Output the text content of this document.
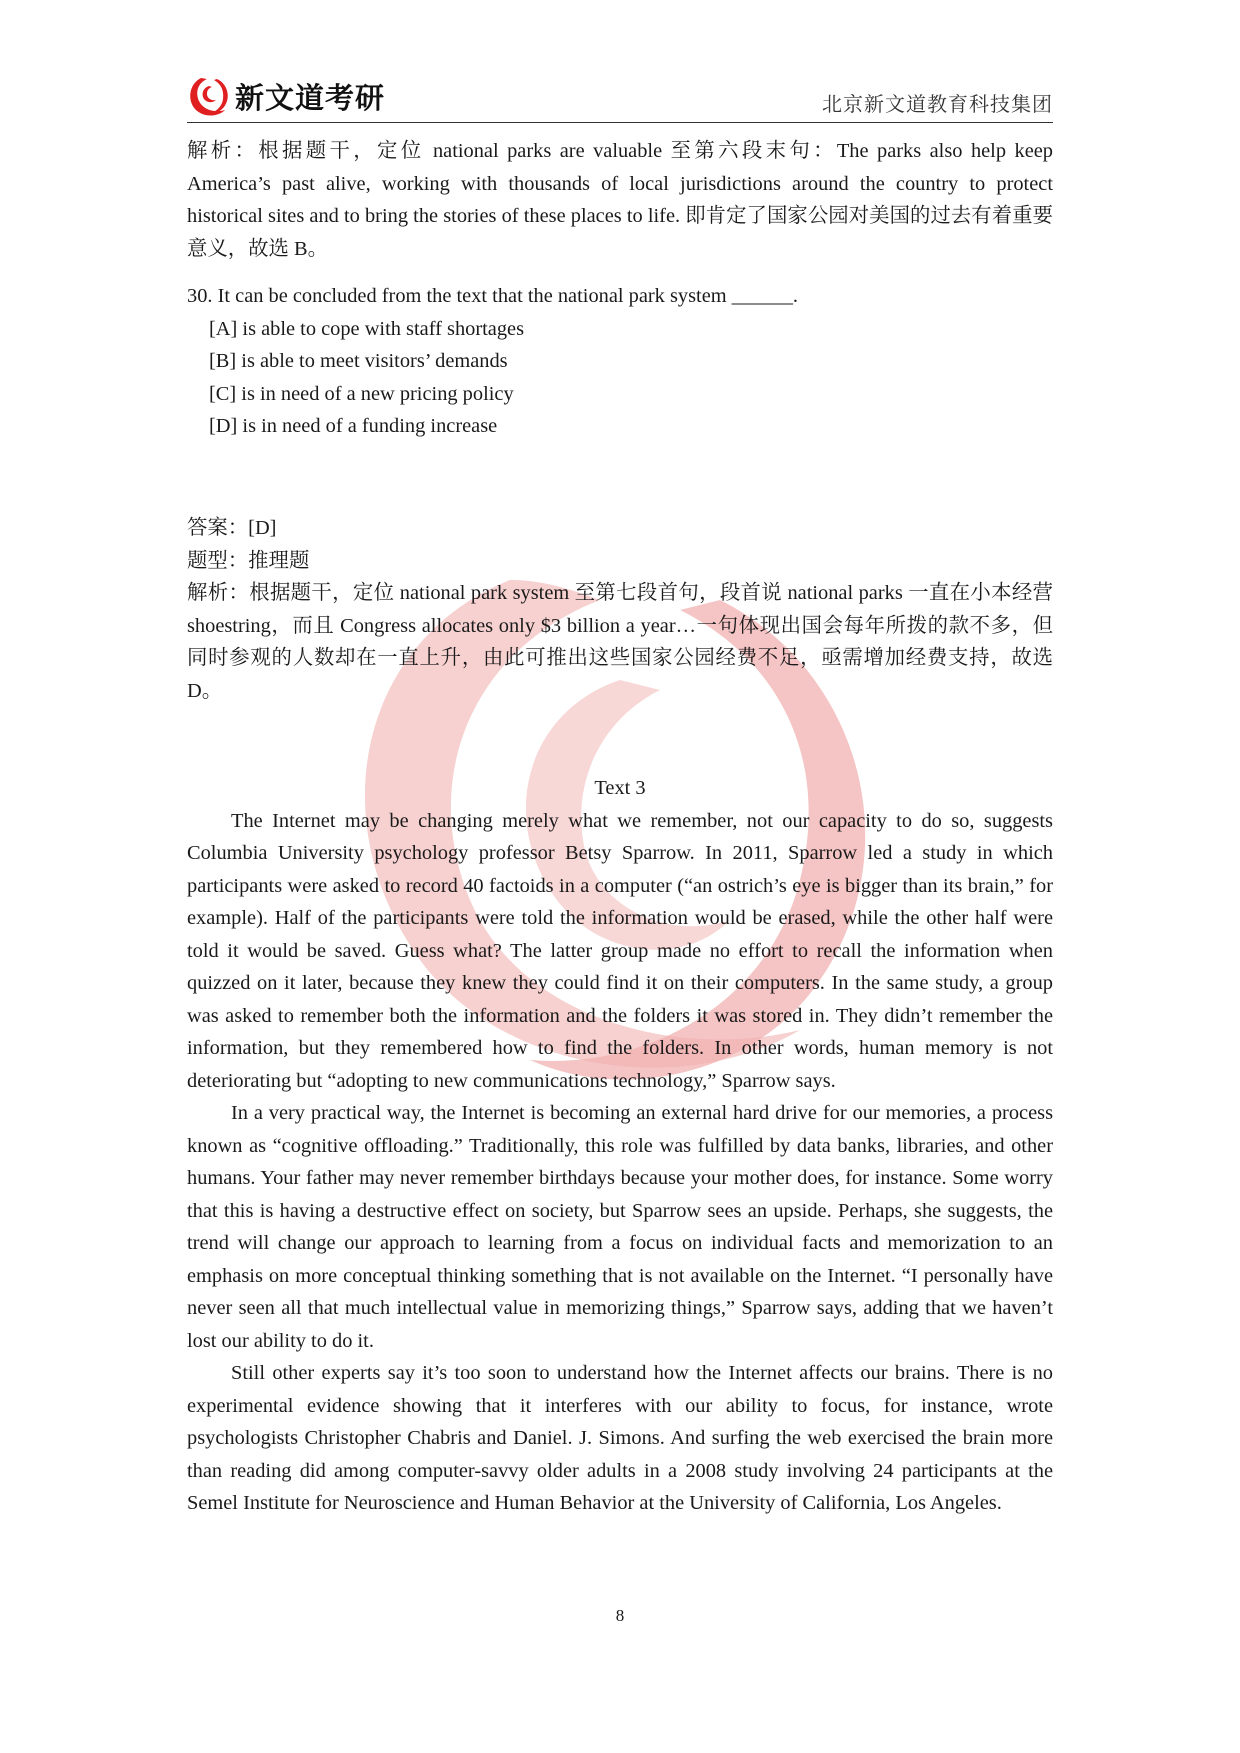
新文道考研	北京新文道教育科技集团

解析：根据题干，定位 national parks are valuable 至第六段末句：The parks also help keep America’s past alive, working with thousands of local jurisdictions around the country to protect historical sites and to bring the stories of these places to life. 即肯定了国家公园对美国的过去有着重要意义，故选 B。

30. It can be concluded from the text that the national park system ______.

[A] is able to cope with staff shortages

[B] is able to meet visitors’ demands

[C] is in need of a new pricing policy

[D] is in need of a funding increase

答案：[D]

题型：推理题

解析：根据题干，定位 national park system 至第七段首句，段首说 national parks 一直在小本经营 shoestring，而且 Congress allocates only $3 billion a year…一句体现出国会每年所拨的款不多，但同时参观的人数却在一直上升，由此可推出这些国家公园经费不足，亟需增加经费支持，故选 D。

Text 3

The Internet may be changing merely what we remember, not our capacity to do so, suggests Columbia University psychology professor Betsy Sparrow. In 2011, Sparrow led a study in which participants were asked to record 40 factoids in a computer (“an ostrich’s eye is bigger than its brain,” for example). Half of the participants were told the information would be erased, while the other half were told it would be saved. Guess what? The latter group made no effort to recall the information when quizzed on it later, because they knew they could find it on their computers. In the same study, a group was asked to remember both the information and the folders it was stored in. They didn’t remember the information, but they remembered how to find the folders. In other words, human memory is not deteriorating but “adopting to new communications technology,” Sparrow says.

In a very practical way, the Internet is becoming an external hard drive for our memories, a process known as “cognitive offloading.” Traditionally, this role was fulfilled by data banks, libraries, and other humans. Your father may never remember birthdays because your mother does, for instance. Some worry that this is having a destructive effect on society, but Sparrow sees an upside. Perhaps, she suggests, the trend will change our approach to learning from a focus on individual facts and memorization to an emphasis on more conceptual thinking something that is not available on the Internet. “I personally have never seen all that much intellectual value in memorizing things,” Sparrow says, adding that we haven’t lost our ability to do it.

Still other experts say it’s too soon to understand how the Internet affects our brains. There is no experimental evidence showing that it interferes with our ability to focus, for instance, wrote psychologists Christopher Chabris and Daniel. J. Simons. And surfing the web exercised the brain more than reading did among computer-savvy older adults in a 2008 study involving 24 participants at the Semel Institute for Neuroscience and Human Behavior at the University of California, Los Angeles.

8
